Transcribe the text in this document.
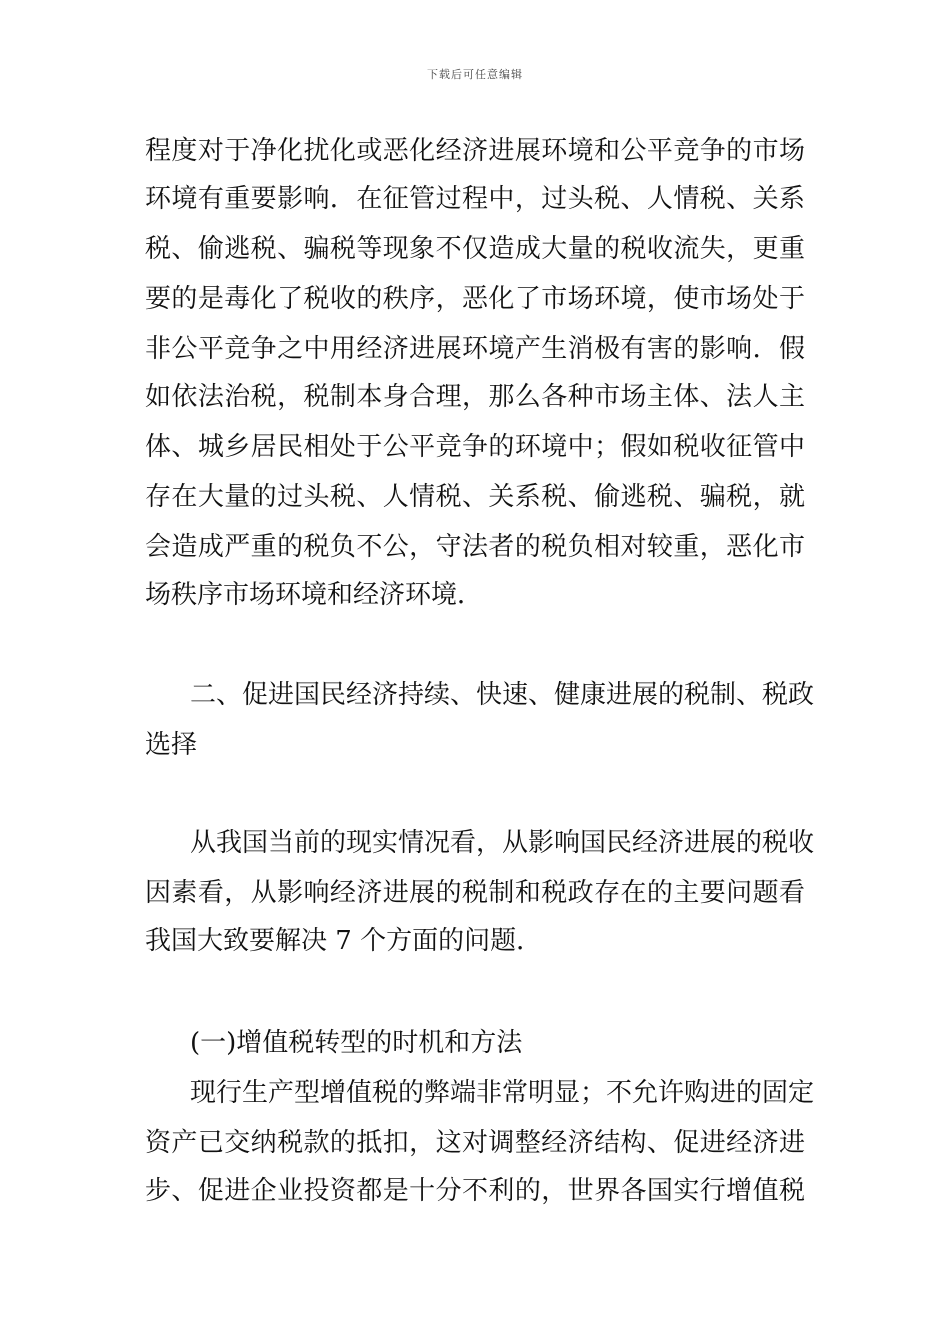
下载后可任意编辑
程度对于净化扰化或恶化经济进展环境和公平竞争的市场
环境有重要影响．在征管过程中，过头税、人情税、关系
税、偷逃税、骗税等现象不仅造成大量的税收流失，更重
要的是毒化了税收的秩序，恶化了市场环境，使市场处于
非公平竞争之中用经济进展环境产生消极有害的影响．假
如依法治税，税制本身合理，那么各种市场主体、法人主
体、城乡居民相处于公平竞争的环境中；假如税收征管中
存在大量的过头税、人情税、关系税、偷逃税、骗税，就
会造成严重的税负不公，守法者的税负相对较重，恶化市
场秩序市场环境和经济环境．
二、促进国民经济持续、快速、健康进展的税制、税政
选择
从我国当前的现实情况看，从影响国民经济进展的税收
因素看，从影响经济进展的税制和税政存在的主要问题看
我国大致要解决 7 个方面的问题．
(一)增值税转型的时机和方法
现行生产型增值税的弊端非常明显；不允许购进的固定
资产已交纳税款的抵扣，这对调整经济结构、促进经济进
步、促进企业投资都是十分不利的，世界各国实行增值税
